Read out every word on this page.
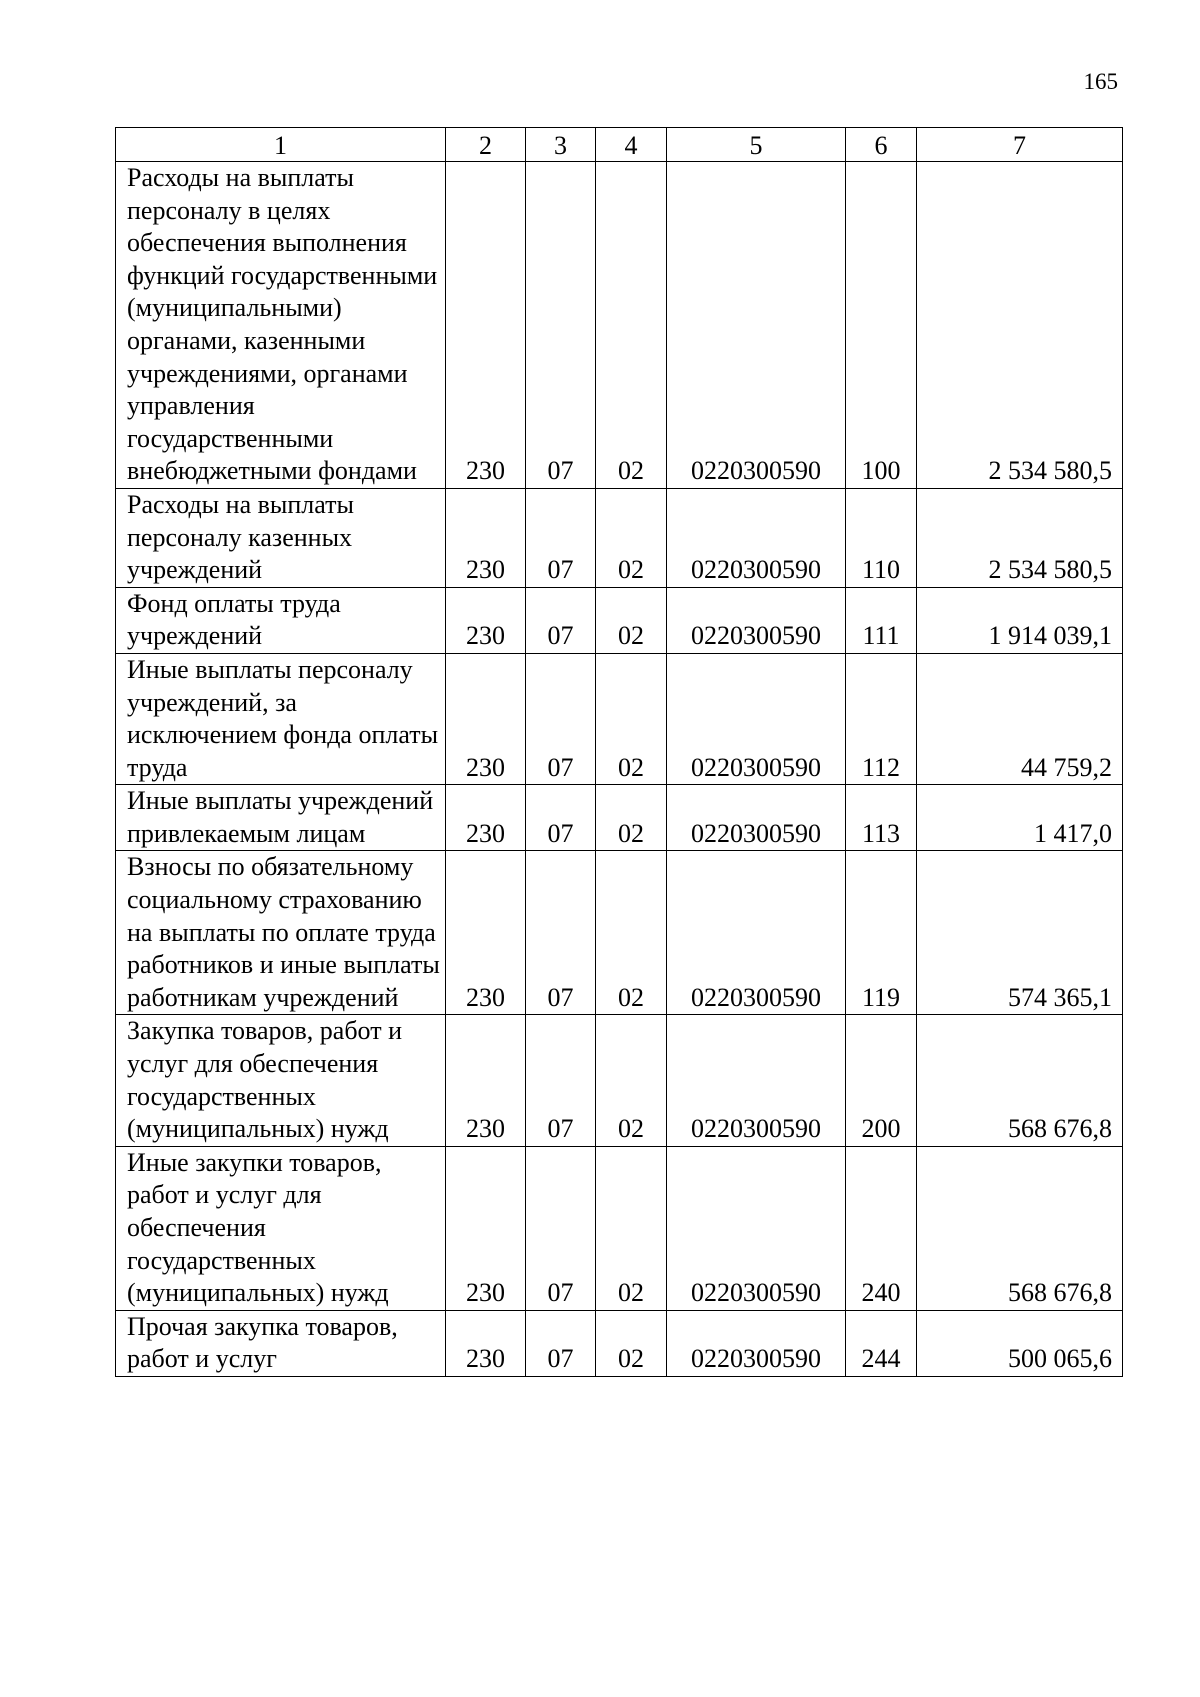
165
1	2	3	4	5	6	7
Расходы на выплаты персоналу в целях обеспечения выполнения функций государственными (муниципальными) органами, казенными учреждениями, органами управления государственными внебюджетными фондами	230	07	02	0220300590	100	2 534 580,5
Расходы на выплаты персоналу казенных учреждений	230	07	02	0220300590	110	2 534 580,5
Фонд оплаты труда учреждений	230	07	02	0220300590	111	1 914 039,1
Иные выплаты персоналу учреждений, за исключением фонда оплаты труда	230	07	02	0220300590	112	44 759,2
Иные выплаты учреждений привлекаемым лицам	230	07	02	0220300590	113	1 417,0
Взносы по обязательному социальному страхованию на выплаты по оплате труда работников и иные выплаты работникам учреждений	230	07	02	0220300590	119	574 365,1
Закупка товаров, работ и услуг для обеспечения государственных (муниципальных) нужд	230	07	02	0220300590	200	568 676,8
Иные закупки товаров, работ и услуг для обеспечения государственных (муниципальных) нужд	230	07	02	0220300590	240	568 676,8
Прочая закупка товаров, работ и услуг	230	07	02	0220300590	244	500 065,6
